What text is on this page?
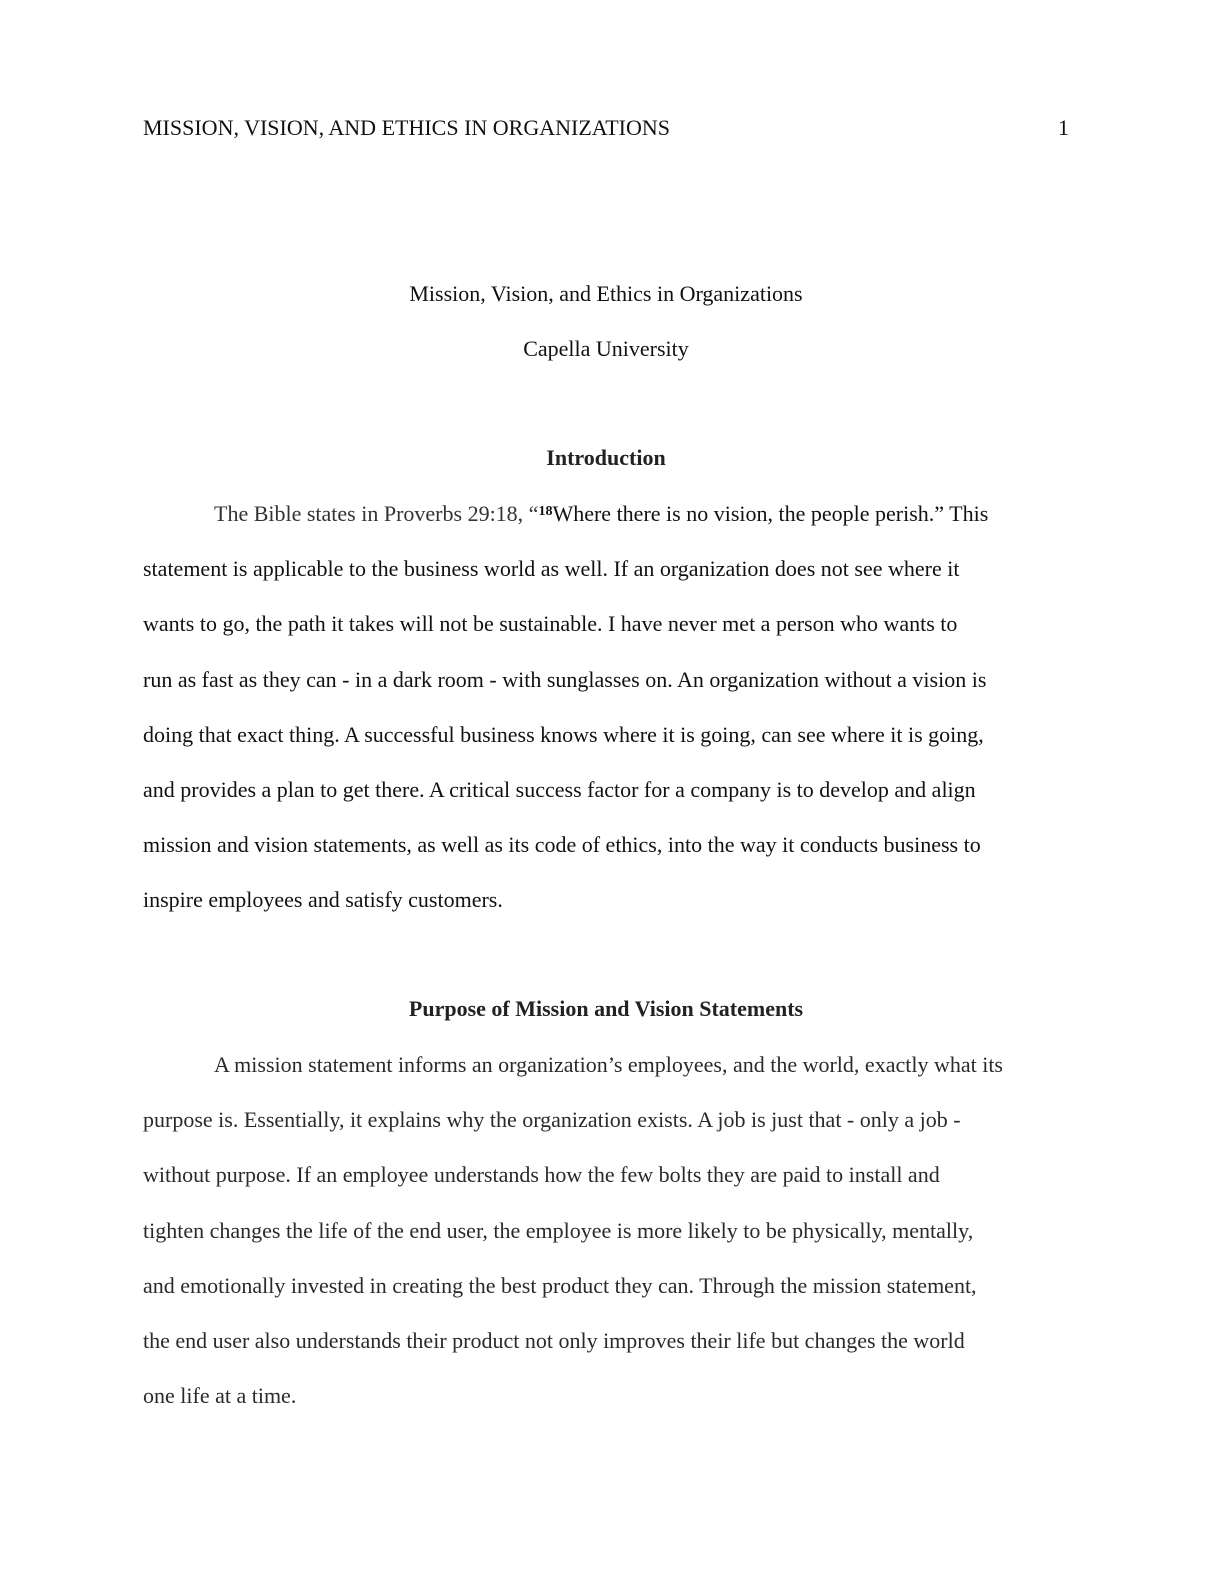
MISSION, VISION, AND ETHICS IN ORGANIZATIONS	1
Mission, Vision, and Ethics in Organizations
Capella University
Introduction
The Bible states in Proverbs 29:18, “$^{18}$Where there is no vision, the people perish.” This
statement is applicable to the business world as well. If an organization does not see where it
wants to go, the path it takes will not be sustainable. I have never met a person who wants to
run as fast as they can - in a dark room - with sunglasses on. An organization without a vision is
doing that exact thing. A successful business knows where it is going, can see where it is going,
and provides a plan to get there. A critical success factor for a company is to develop and align
mission and vision statements, as well as its code of ethics, into the way it conducts business to
inspire employees and satisfy customers.
Purpose of Mission and Vision Statements
A mission statement informs an organization’s employees, and the world, exactly what its
purpose is. Essentially, it explains why the organization exists. A job is just that - only a job -
without purpose. If an employee understands how the few bolts they are paid to install and
tighten changes the life of the end user, the employee is more likely to be physically, mentally,
and emotionally invested in creating the best product they can. Through the mission statement,
the end user also understands their product not only improves their life but changes the world
one life at a time.
